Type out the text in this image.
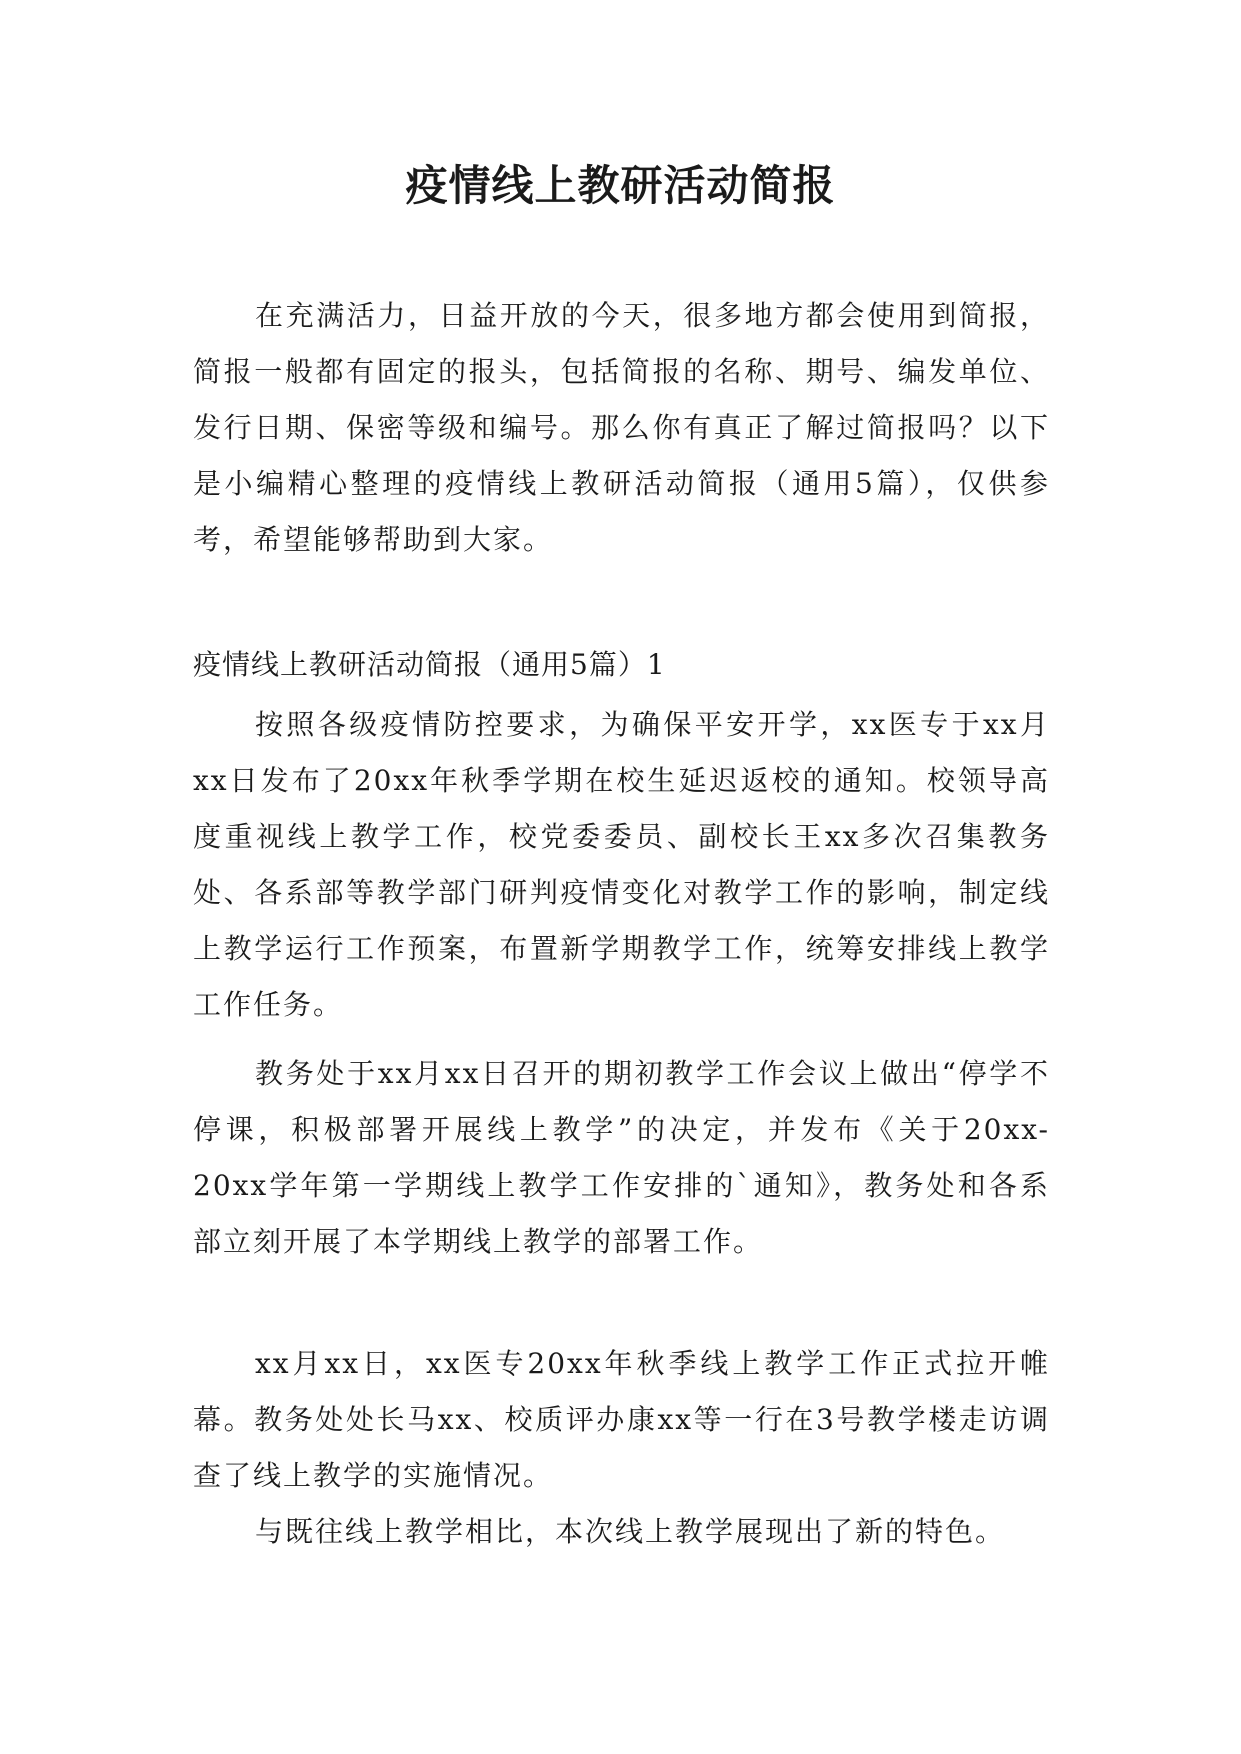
疫情线上教研活动简报

在充满活力，日益开放的今天，很多地方都会使用到简报，简报一般都有固定的报头，包括简报的名称、期号、编发单位、发行日期、保密等级和编号。那么你有真正了解过简报吗？以下是小编精心整理的疫情线上教研活动简报（通用5篇），仅供参考，希望能够帮助到大家。

疫情线上教研活动简报（通用5篇）1

按照各级疫情防控要求，为确保平安开学，xx医专于xx月xx日发布了20xx年秋季学期在校生延迟返校的通知。校领导高度重视线上教学工作，校党委委员、副校长王xx多次召集教务处、各系部等教学部门研判疫情变化对教学工作的影响，制定线上教学运行工作预案，布置新学期教学工作，统筹安排线上教学工作任务。

教务处于xx月xx日召开的期初教学工作会议上做出“停学不停课，积极部署开展线上教学”的决定，并发布《关于20xx-20xx学年第一学期线上教学工作安排的`通知》，教务处和各系部立刻开展了本学期线上教学的部署工作。

xx月xx日，xx医专20xx年秋季线上教学工作正式拉开帷幕。教务处处长马xx、校质评办康xx等一行在3号教学楼走访调查了线上教学的实施情况。

与既往线上教学相比，本次线上教学展现出了新的特色。
